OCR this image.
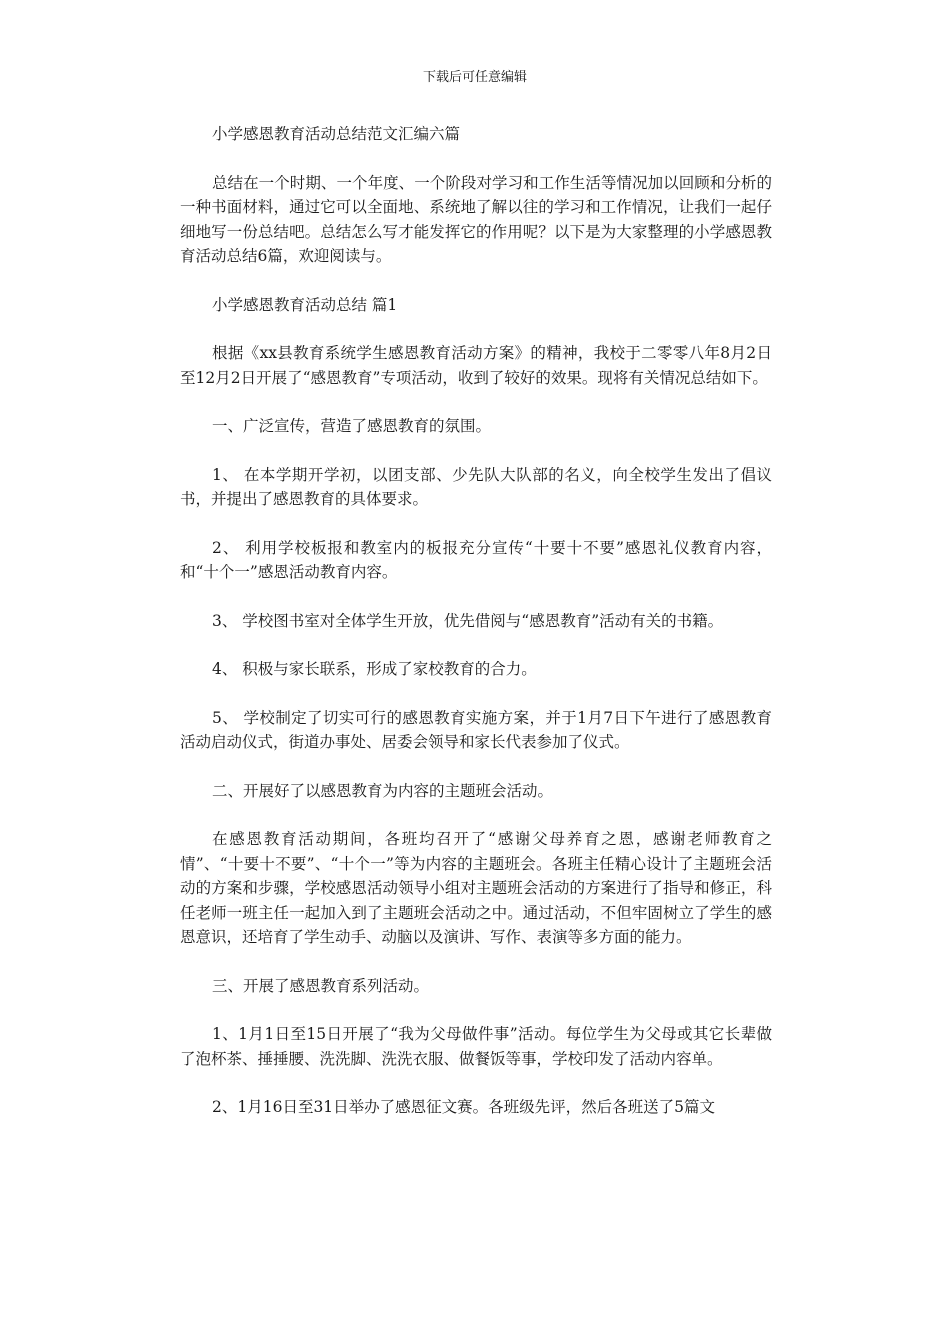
下载后可任意编辑

小学感恩教育活动总结范文汇编六篇

总结在一个时期、一个年度、一个阶段对学习和工作生活等情况加以回顾和分析的一种书面材料，通过它可以全面地、系统地了解以往的学习和工作情况，让我们一起仔细地写一份总结吧。总结怎么写才能发挥它的作用呢？以下是为大家整理的小学感恩教育活动总结6篇，欢迎阅读与。

小学感恩教育活动总结 篇1

根据《xx县教育系统学生感恩教育活动方案》的精神，我校于二零零八年8月2日至12月2日开展了“感恩教育”专项活动，收到了较好的效果。现将有关情况总结如下。

一、广泛宣传，营造了感恩教育的氛围。

1、 在本学期开学初，以团支部、少先队大队部的名义，向全校学生发出了倡议书，并提出了感恩教育的具体要求。

2、 利用学校板报和教室内的板报充分宣传“十要十不要”感恩礼仪教育内容，和“十个一”感恩活动教育内容。

3、 学校图书室对全体学生开放，优先借阅与“感恩教育”活动有关的书籍。

4、 积极与家长联系，形成了家校教育的合力。

5、 学校制定了切实可行的感恩教育实施方案，并于1月7日下午进行了感恩教育活动启动仪式，街道办事处、居委会领导和家长代表参加了仪式。

二、开展好了以感恩教育为内容的主题班会活动。

在感恩教育活动期间，各班均召开了“感谢父母养育之恩，感谢老师教育之情”、“十要十不要”、“十个一”等为内容的主题班会。各班主任精心设计了主题班会活动的方案和步骤，学校感恩活动领导小组对主题班会活动的方案进行了指导和修正，科任老师一班主任一起加入到了主题班会活动之中。通过活动，不但牢固树立了学生的感恩意识，还培育了学生动手、动脑以及演讲、写作、表演等多方面的能力。

三、开展了感恩教育系列活动。

1、1月1日至15日开展了“我为父母做件事”活动。每位学生为父母或其它长辈做了泡杯茶、捶捶腰、洗洗脚、洗洗衣服、做餐饭等事，学校印发了活动内容单。

2、1月16日至31日举办了感恩征文赛。各班级先评，然后各班送了5篇文
